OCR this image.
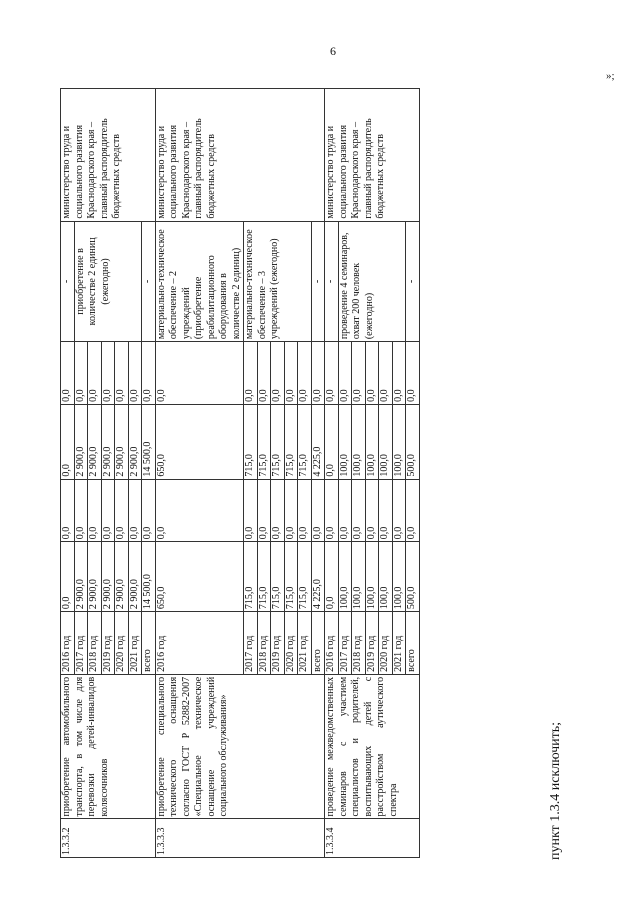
6
»;
1.3.3.2	приобретение автомобильного транспорта, в том числе для перевозки детей-инвалидов колясочников	2016 год	0,0	0,0	0,0	0,0	-	министерство труда и социального развития Краснодарского края – главный распорядитель бюджетных средств
		2017 год	2 900,0	0,0	2 900,0	0,0	приобретение в количестве 2 единиц (ежегодно)	
		2018 год	2 900,0	0,0	2 900,0	0,0		
		2019 год	2 900,0	0,0	2 900,0	0,0		
		2020 год	2 900,0	0,0	2 900,0	0,0		
		2021 год	2 900,0	0,0	2 900,0	0,0		
		всего	14 500,0	0,0	14 500,0	0,0	-	
1.3.3.3	приобретение специального технического оснащения согласно ГОСТ Р 52882-2007 «Специальное техническое оснащение учреждений социального обслуживания»	2016 год	650,0	0,0	650,0	0,0	материально-техническое обеспечение – 2 учреждений (приобретение реабилитационного оборудования в количестве 2 единиц)	министерство труда и социального развития Краснодарского края – главный распорядитель бюджетных средств
		2017 год	715,0	0,0	715,0	0,0	материально-техническое обеспечение – 3 учреждений (ежегодно)	
		2018 год	715,0	0,0	715,0	0,0		
		2019 год	715,0	0,0	715,0	0,0		
		2020 год	715,0	0,0	715,0	0,0		
		2021 год	715,0	0,0	715,0	0,0		
		всего	4 225,0	0,0	4 225,0	0,0	-	
1.3.3.4	проведение межведомственных семинаров с участием специалистов и родителей, воспитывающих детей с расстройством аутического спектра	2016 год	0,0	0,0	0,0	0,0	-	министерство труда и социального развития Краснодарского края – главный распорядитель бюджетных средств
		2017 год	100,0	0,0	100,0	0,0	проведение 4 семинаров, охват 200 человек (ежегодно)	
		2018 год	100,0	0,0	100,0	0,0		
		2019 год	100,0	0,0	100,0	0,0		
		2020 год	100,0	0,0	100,0	0,0		
		2021 год	100,0	0,0	100,0	0,0		
		всего	500,0	0,0	500,0	0,0	-	
пункт 1.3.4 исключить;
